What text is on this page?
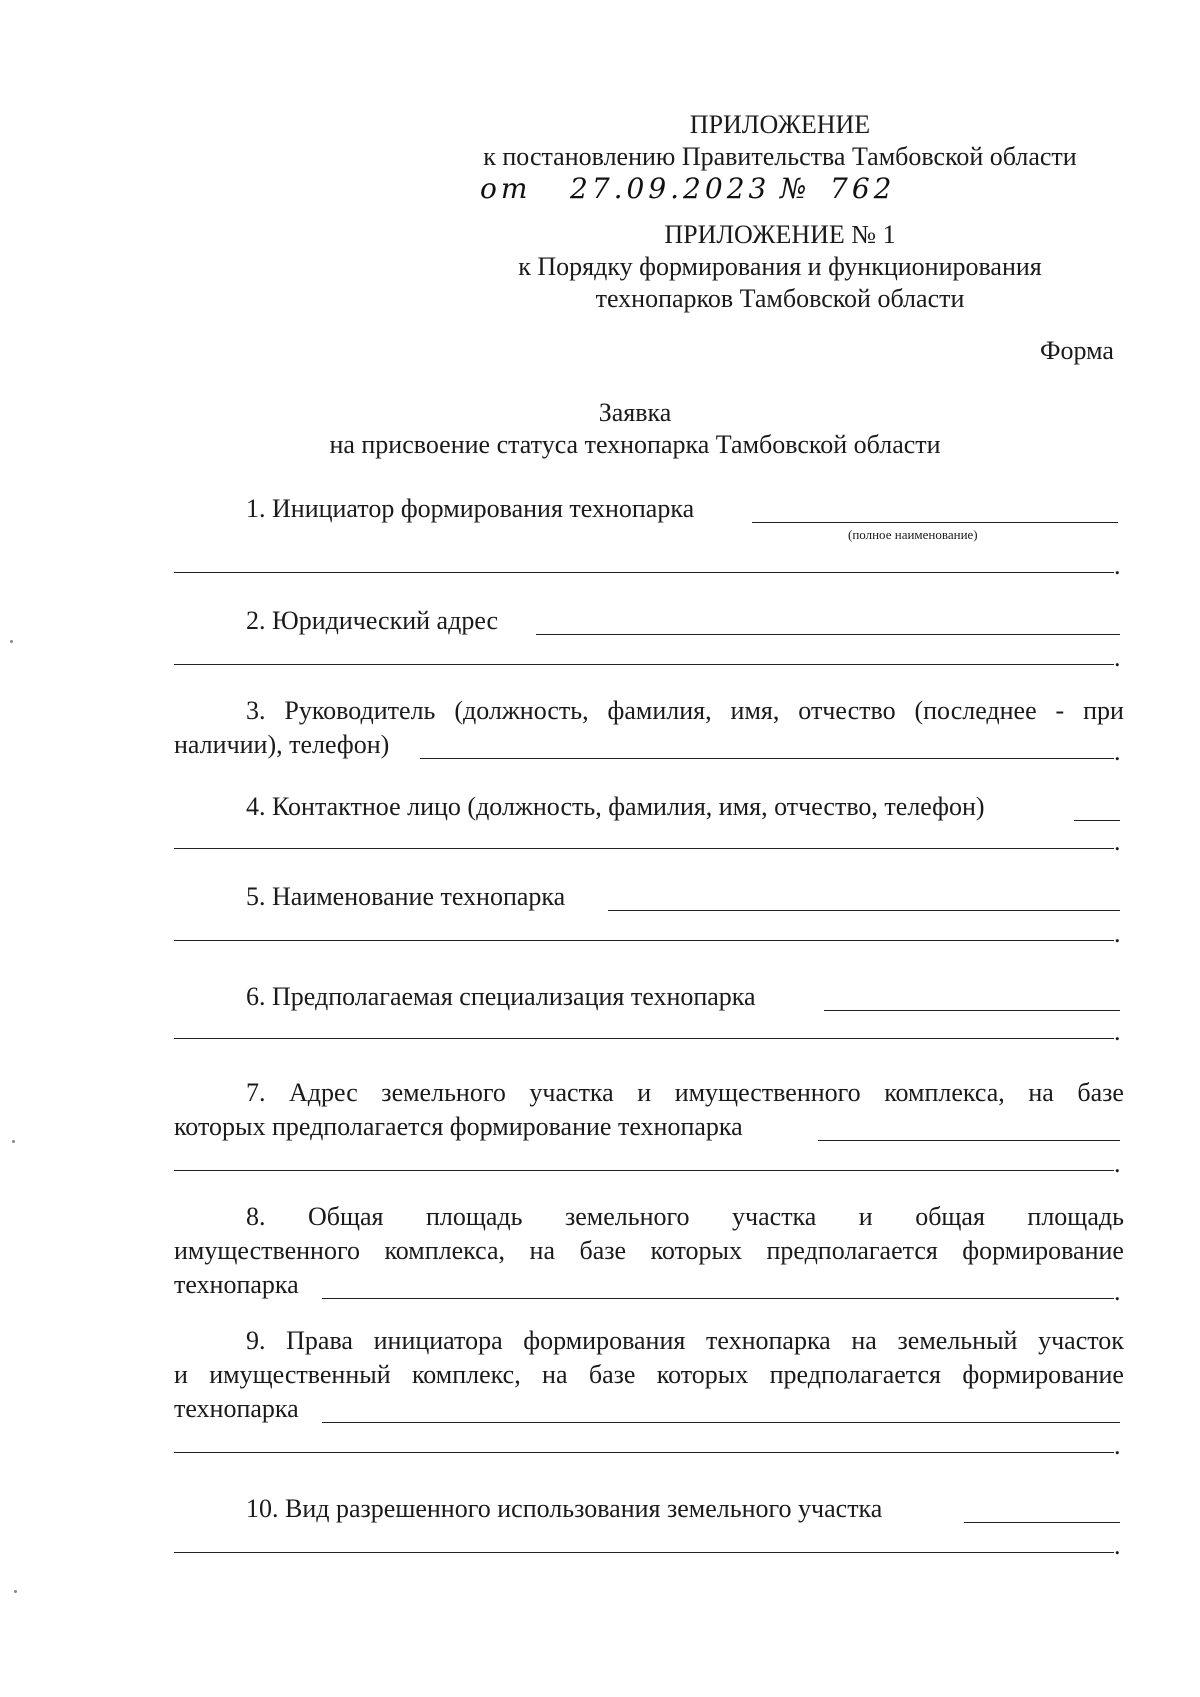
ПРИЛОЖЕНИЕ
к постановлению Правительства Тамбовской области
от 27.09.2023 № 762
ПРИЛОЖЕНИЕ № 1
к Порядку формирования и функционирования
технопарков Тамбовской области
Форма
Заявка
на присвоение статуса технопарка Тамбовской области
1. Инициатор формирования технопарка
(полное наименование)
.
2. Юридический адрес
.
3. Руководитель (должность, фамилия, имя, отчество (последнее - при
наличии), телефон)	.
4. Контактное лицо (должность, фамилия, имя, отчество, телефон)
.
5. Наименование технопарка
.
6. Предполагаемая специализация технопарка
.
7. Адрес земельного участка и имущественного комплекса, на базе
которых предполагается формирование технопарка
.
8. Общая площадь земельного участка и общая площадь
имущественного комплекса, на базе которых предполагается формирование
технопарка	.
9. Права инициатора формирования технопарка на земельный участок
и имущественный комплекс, на базе которых предполагается формирование
технопарка
.
10. Вид разрешенного использования земельного участка
.
